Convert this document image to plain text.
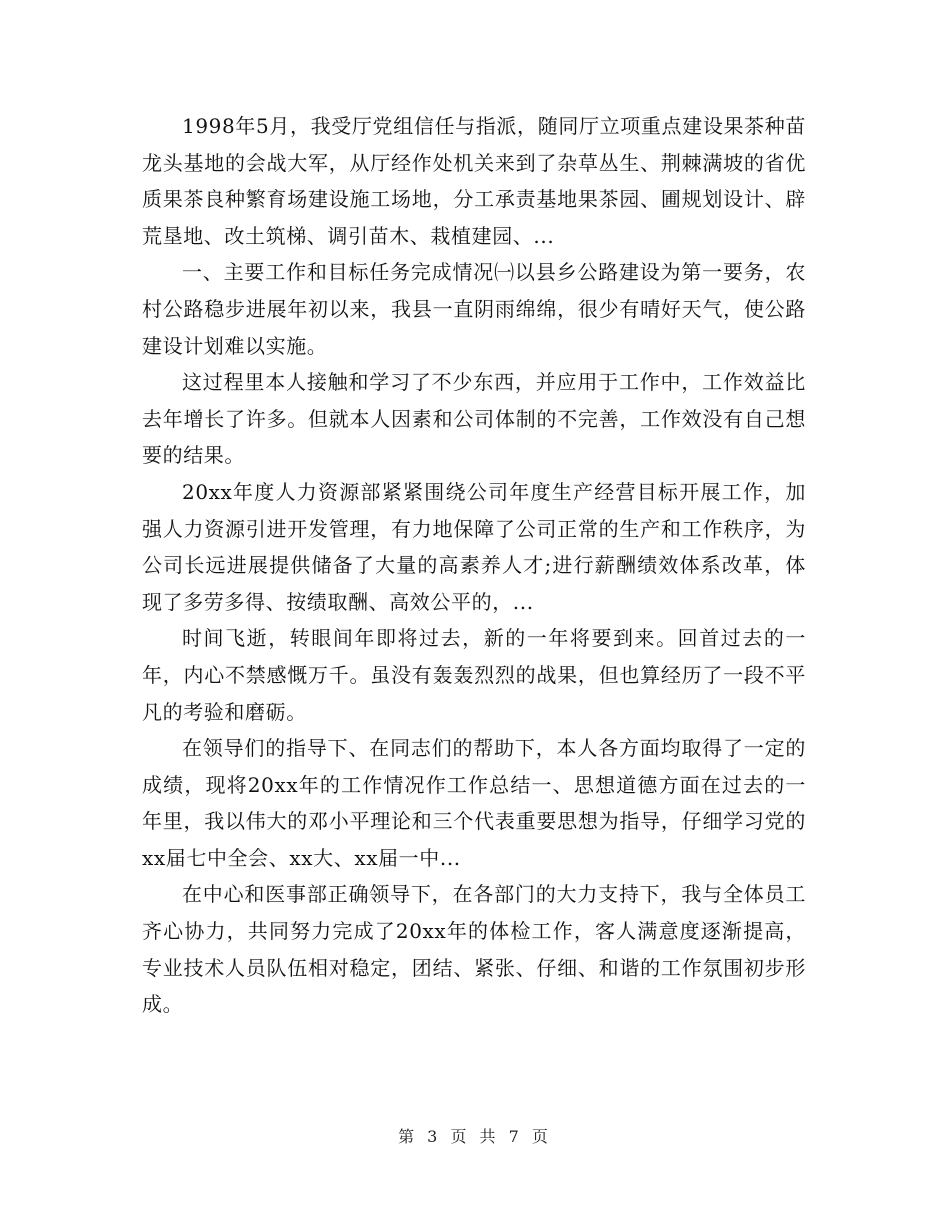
1998年5月，我受厅党组信任与指派，随同厅立项重点建设果茶种苗龙头基地的会战大军，从厅经作处机关来到了杂草丛生、荆棘满坡的省优质果茶良种繁育场建设施工场地，分工承责基地果茶园、圃规划设计、辟荒垦地、改土筑梯、调引苗木、栽植建园、...

一、主要工作和目标任务完成情况㈠以县乡公路建设为第一要务，农村公路稳步进展年初以来，我县一直阴雨绵绵，很少有晴好天气，使公路建设计划难以实施。

这过程里本人接触和学习了不少东西，并应用于工作中，工作效益比去年增长了许多。但就本人因素和公司体制的不完善，工作效没有自己想要的结果。

20xx年度人力资源部紧紧围绕公司年度生产经营目标开展工作，加强人力资源引进开发管理，有力地保障了公司正常的生产和工作秩序，为公司长远进展提供储备了大量的高素养人才;进行薪酬绩效体系改革，体现了多劳多得、按绩取酬、高效公平的，...

时间飞逝，转眼间年即将过去，新的一年将要到来。回首过去的一年，内心不禁感慨万千。虽没有轰轰烈烈的战果，但也算经历了一段不平凡的考验和磨砺。

在领导们的指导下、在同志们的帮助下，本人各方面均取得了一定的成绩，现将20xx年的工作情况作工作总结一、思想道德方面在过去的一年里，我以伟大的邓小平理论和三个代表重要思想为指导，仔细学习党的xx届七中全会、xx大、xx届一中...

在中心和医事部正确领导下，在各部门的大力支持下，我与全体员工齐心协力，共同努力完成了20xx年的体检工作，客人满意度逐渐提高，专业技术人员队伍相对稳定，团结、紧张、仔细、和谐的工作氛围初步形成。

第 3 页 共 7 页
